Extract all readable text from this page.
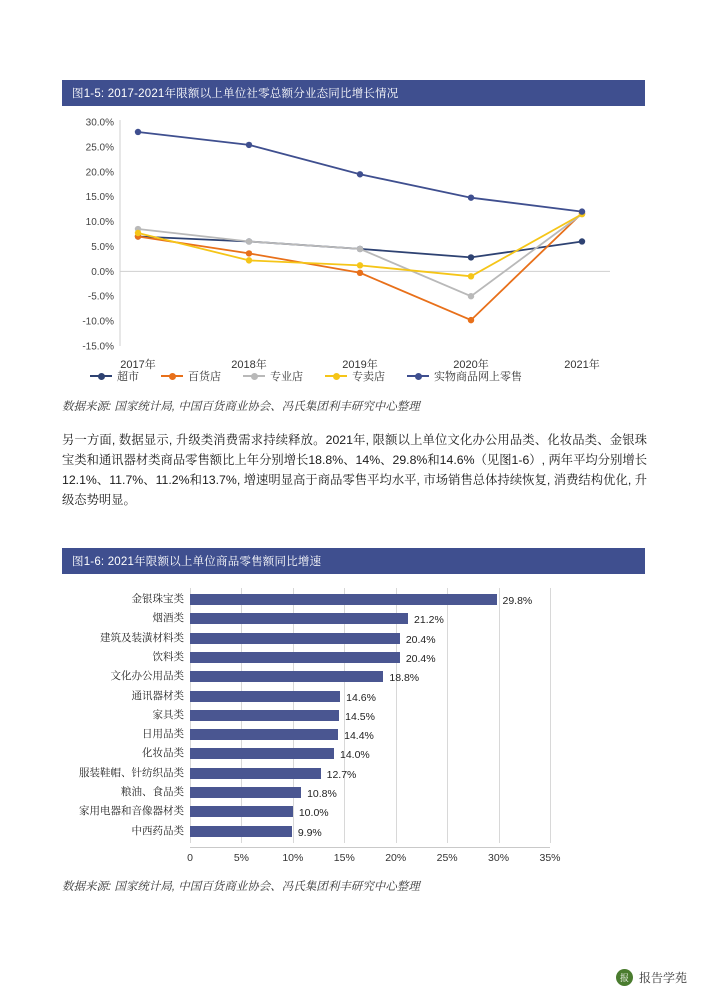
图1-5: 2017-2021年限额以上单位社零总额分业态同比增长情况
-15.0%
-10.0%
-5.0%
0.0%
5.0%
10.0%
15.0%
20.0%
25.0%
30.0%
2017年	2018年	2019年	2020年	2021年
超市	百货店	专业店	专卖店	实物商品网上零售
数据来源: 国家统计局, 中国百货商业协会、冯氏集团利丰研究中心整理
另一方面, 数据显示, 升级类消费需求持续释放。2021年, 限额以上单位文化办公用品类、化妆品类、金银珠宝类和通讯器材类商品零售额比上年分别增长18.8%、14%、29.8%和14.6%（见图1-6）, 两年平均分别增长12.1%、11.7%、11.2%和13.7%, 增速明显高于商品零售平均水平, 市场销售总体持续恢复, 消费结构优化, 升级态势明显。
图1-6: 2021年限额以上单位商品零售额同比增速
金银珠宝类	29.8%
烟酒类	21.2%
建筑及装潢材料类	20.4%
饮料类	20.4%
文化办公用品类	18.8%
通讯器材类	14.6%
家具类	14.5%
日用品类	14.4%
化妆品类	14.0%
服装鞋帽、针纺织品类	12.7%
粮油、食品类	10.8%
家用电器和音像器材类	10.0%
中西药品类	9.9%
0	5%	10%	15%	20%	25%	30%	35%
数据来源: 国家统计局, 中国百货商业协会、冯氏集团利丰研究中心整理
报 报告学苑
